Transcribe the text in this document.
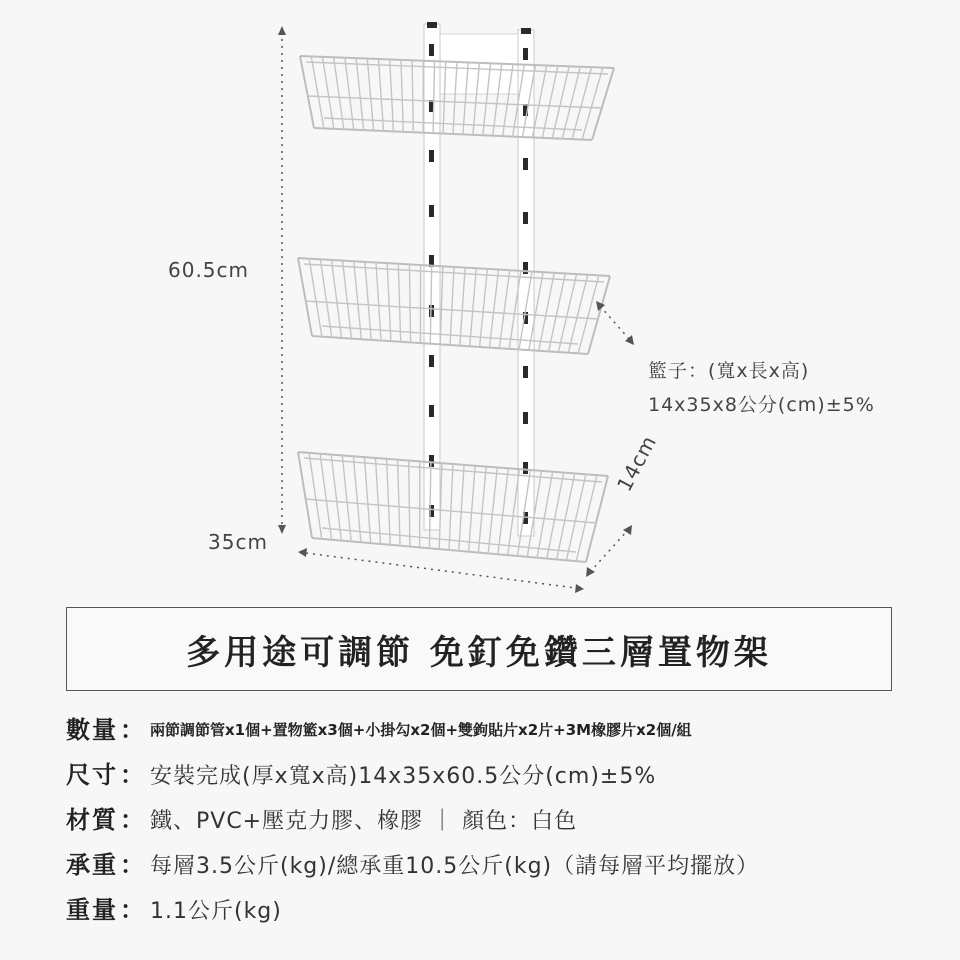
60.5cm
35cm
14cm
籃子：(寬x長x高)
14x35x8公分(cm)±5%
多用途可調節 免釘免鑽三層置物架
數量 ： 兩節調節管x1個+置物籃x3個+小掛勾x2個+雙鉤貼片x2片+3M橡膠片x2個/組
尺寸 ： 安裝完成(厚x寬x高)14x35x60.5公分(cm)±5%
材質 ： 鐵、PVC+壓克力膠、橡膠 ｜ 顏色：白色
承重 ： 每層3.5公斤(kg)/總承重10.5公斤(kg)（請每層平均擺放）
重量 ： 1.1公斤(kg)
